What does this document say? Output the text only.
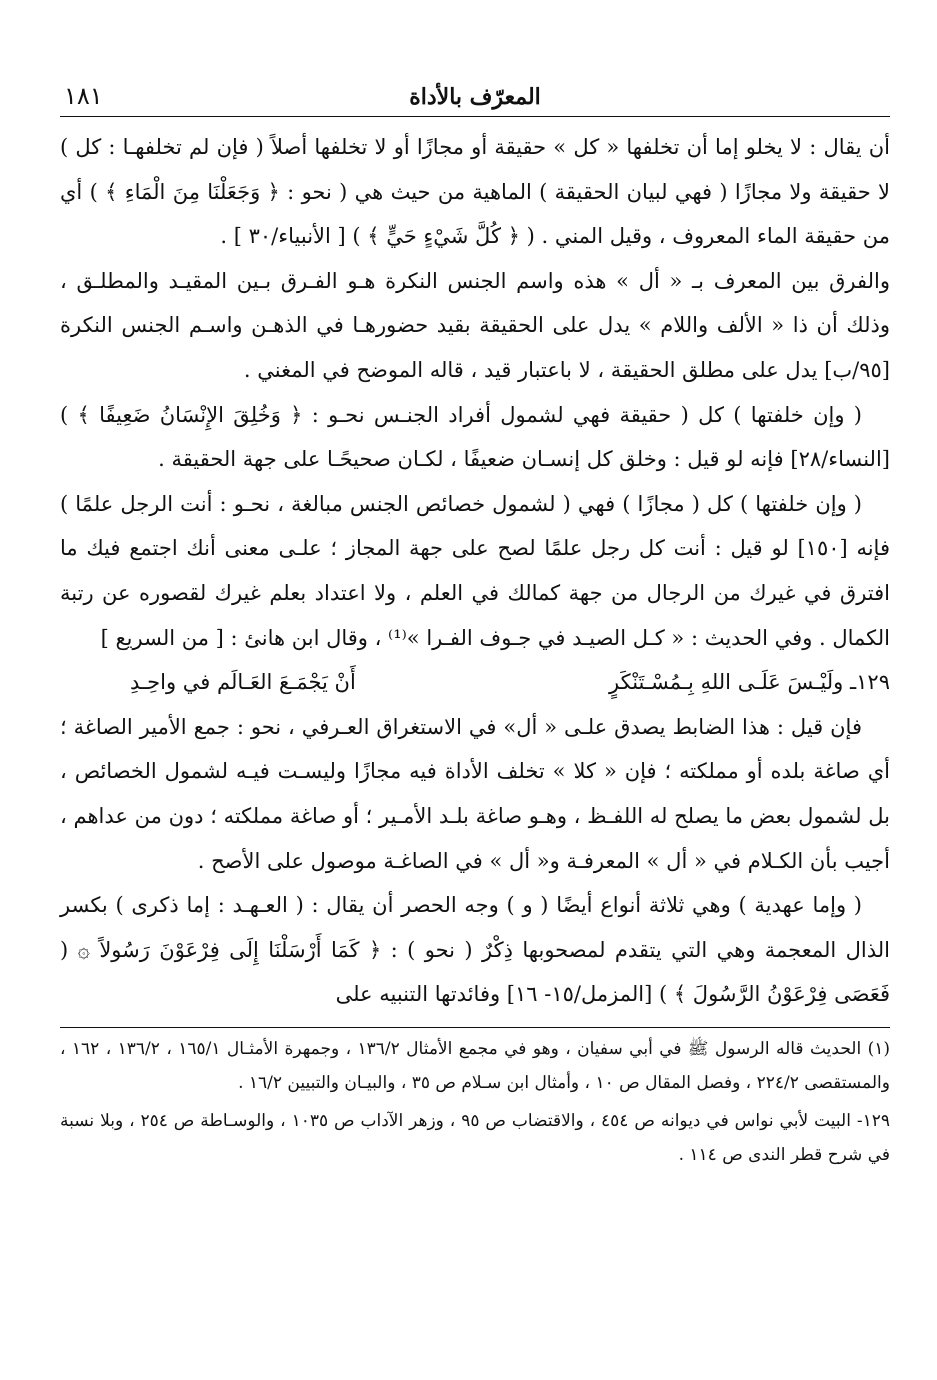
المعرّف بالأداة
١٨١

أن يقال : لا يخلو إما أن تخلفها « كل » حقيقة أو مجازًا أو لا تخلفها أصلاً ( فإن لم تخلفهـا : كل ) لا حقيقة ولا مجازًا ( فهي لبيان الحقيقة ) الماهية من حيث هي ( نحو : ﴿ وَجَعَلْنَا مِنَ الْمَاءِ ﴾ ) أي من حقيقة الماء المعروف ، وقيل المني . ( ﴿ كُلَّ شَيْءٍ حَيٍّ ﴾ ) [ الأنبياء/٣٠ ] .

والفرق بين المعرف بـ « أل » هذه واسم الجنس النكرة هـو الفـرق بـين المقيـد والمطلـق ، وذلك أن ذا « الألف واللام » يدل على الحقيقة بقيد حضورهـا في الذهـن واسـم الجنس النكرة [٩٥/ب] يدل على مطلق الحقيقة ، لا باعتبار قيد ، قاله الموضح في المغني .

( وإن خلفتها ) كل ( حقيقة فهي لشمول أفراد الجنـس نحـو : ﴿ وَخُلِقَ الإِنْسَانُ ضَعِيفًا ﴾ ) [النساء/٢٨] فإنه لو قيل : وخلق كل إنسـان ضعيفًا ، لكـان صحيحًـا على جهة الحقيقة .

( وإن خلفتها ) كل ( مجازًا ) فهي ( لشمول خصائص الجنس مبالغة ، نحـو : أنت الرجل علمًا ) فإنه [١٥٠] لو قيل : أنت كل رجل علمًا لصح على جهة المجاز ؛ علـى معنى أنك اجتمع فيك ما افترق في غيرك من الرجال من جهة كمالك في العلم ، ولا اعتداد بعلم غيرك لقصوره عن رتبة الكمال . وفي الحديث : « كـل الصيـد في جـوف الفـرا »⁽¹⁾ ، وقال ابن هانئ : [ من السريع ]

١٢٩ـ ولَيْـسَ عَلَـى اللهِ بِـمُسْـتَنْكَرٍ
أَنْ يَجْمَـعَ العَـالَم في واحِـدِ

فإن قيل : هذا الضابط يصدق علـى « أل» في الاستغراق العـرفي ، نحو : جمع الأمير الصاغة ؛ أي صاغة بلده أو مملكته ؛ فإن « كلا » تخلف الأداة فيه مجازًا وليسـت فيـه لشمول الخصائص ، بل لشمول بعض ما يصلح له اللفـظ ، وهـو صاغة بلـد الأمـير ؛ أو صاغة مملكته ؛ دون من عداهم ، أجيب بأن الكـلام في « أل » المعرفـة و« أل » في الصاغـة موصول على الأصح .

( وإما عهدية ) وهي ثلاثة أنواع أيضًا ( و ) وجه الحصر أن يقال : ( العـهـد : إما ذكرى ) بكسر الذال المعجمة وهي التي يتقدم لمصحوبها ذِكْرٌ ( نحو ) : ﴿ كَمَا أَرْسَلْنَا إِلَى فِرْعَوْنَ رَسُولاً ۞ ( فَعَصَى فِرْعَوْنُ الرَّسُولَ ﴾ ) [المزمل/١٥- ١٦] وفائدتها التنبيه على

(١) الحديث قاله الرسول ﷺ في أبي سفيان ، وهو في مجمع الأمثال ١٣٦/٢ ، وجمهرة الأمثـال ١٦٥/١ ، ١٣٦/٢ ، ١٦٢ ، والمستقصى ٢٢٤/٢ ، وفصل المقال ص ١٠ ، وأمثال ابن سـلام ص ٣٥ ، والبيـان والتبيين ١٦/٢ .

١٢٩- البيت لأبي نواس في ديوانه ص ٤٥٤ ، والاقتضاب ص ٩٥ ، وزهر الآداب ص ١٠٣٥ ، والوسـاطة ص ٢٥٤ ، وبلا نسبة في شرح قطر الندى ص ١١٤ .
